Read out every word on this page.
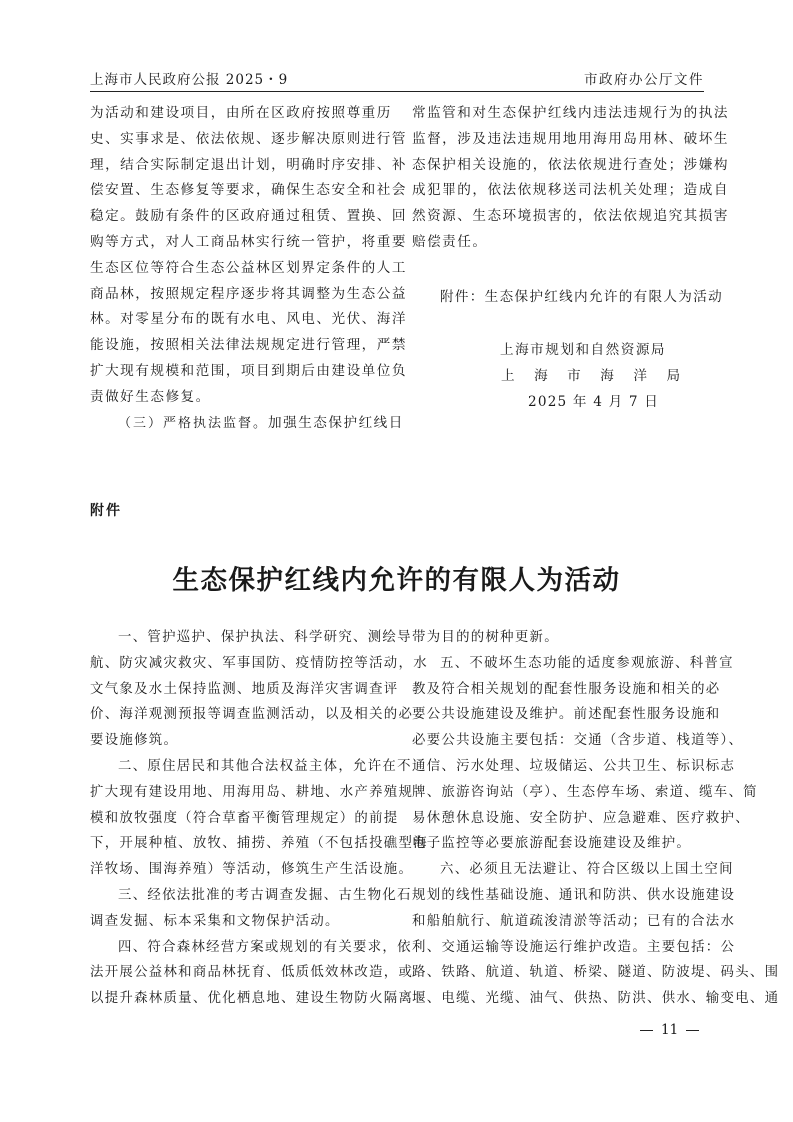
上海市人民政府公报 2025・9	市政府办公厅文件

为活动和建设项目，由所在区政府按照尊重历

史、实事求是、依法依规、逐步解决原则进行管

理，结合实际制定退出计划，明确时序安排、补

偿安置、生态修复等要求，确保生态安全和社会

稳定。鼓励有条件的区政府通过租赁、置换、回

购等方式，对人工商品林实行统一管护，将重要

生态区位等符合生态公益林区划界定条件的人工

商品林，按照规定程序逐步将其调整为生态公益

林。对零星分布的既有水电、风电、光伏、海洋

能设施，按照相关法律法规规定进行管理，严禁

扩大现有规模和范围，项目到期后由建设单位负

责做好生态修复。

（三）严格执法监督。加强生态保护红线日

常监管和对生态保护红线内违法违规行为的执法

监督，涉及违法违规用地用海用岛用林、破坏生

态保护相关设施的，依法依规进行查处；涉嫌构

成犯罪的，依法依规移送司法机关处理；造成自

然资源、生态环境损害的，依法依规追究其损害

赔偿责任。

附件：生态保护红线内允许的有限人为活动
上海市规划和自然资源局
上海市海洋局
2025 年 4 月 7 日
附件
生态保护红线内允许的有限人为活动

一、管护巡护、保护执法、科学研究、测绘导

航、防灾减灾救灾、军事国防、疫情防控等活动，水

文气象及水土保持监测、地质及海洋灾害调查评

价、海洋观测预报等调查监测活动，以及相关的必

要设施修筑。

二、原住居民和其他合法权益主体，允许在不

扩大现有建设用地、用海用岛、耕地、水产养殖规

模和放牧强度（符合草畜平衡管理规定）的前提

下，开展种植、放牧、捕捞、养殖（不包括投礁型海

洋牧场、围海养殖）等活动，修筑生产生活设施。

三、经依法批准的考古调查发掘、古生物化石

调查发掘、标本采集和文物保护活动。

四、符合森林经营方案或规划的有关要求，依

法开展公益林和商品林抚育、低质低效林改造，或

以提升森林质量、优化栖息地、建设生物防火隔离

带为目的的树种更新。

五、不破坏生态功能的适度参观旅游、科普宣

教及符合相关规划的配套性服务设施和相关的必

要公共设施建设及维护。前述配套性服务设施和

必要公共设施主要包括：交通（含步道、栈道等）、

通信、污水处理、垃圾储运、公共卫生、标识标志

牌、旅游咨询站（亭）、生态停车场、索道、缆车、简

易休憩休息设施、安全防护、应急避难、医疗救护、

电子监控等必要旅游配套设施建设及维护。

六、必须且无法避让、符合区级以上国土空间

规划的线性基础设施、通讯和防洪、供水设施建设

和船舶航行、航道疏浚清淤等活动；已有的合法水

利、交通运输等设施运行维护改造。主要包括：公

路、铁路、航道、轨道、桥梁、隧道、防波堤、码头、围

堰、电缆、光缆、油气、供热、防洪、供水、输变电、通

11
